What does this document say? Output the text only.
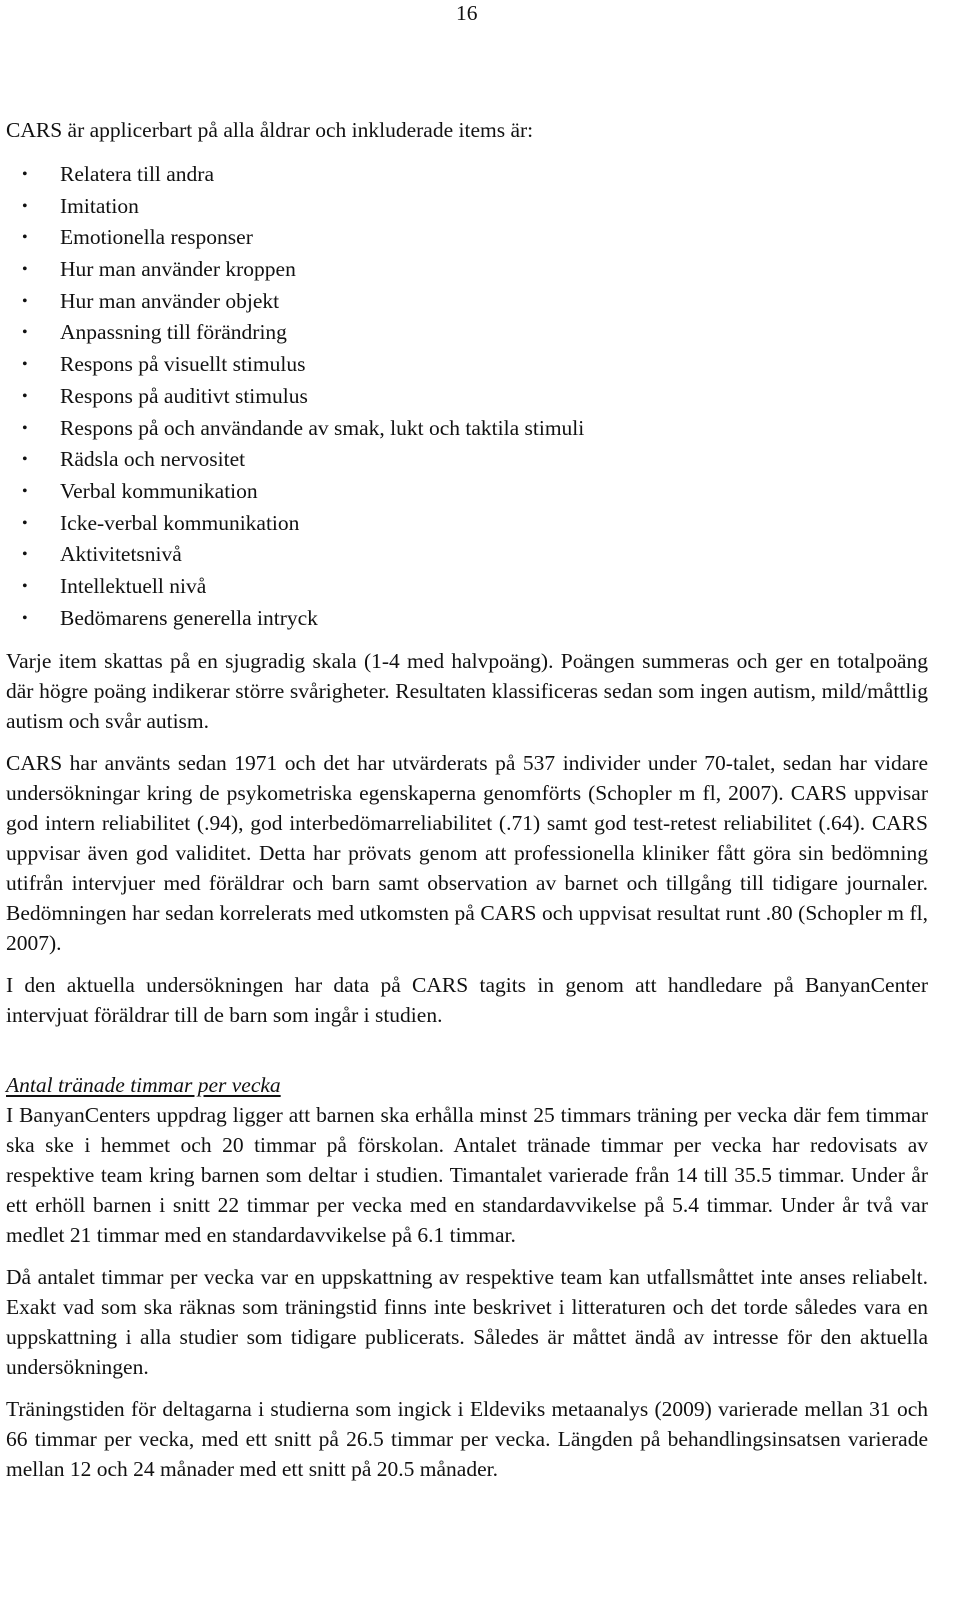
16

CARS är applicerbart på alla åldrar och inkluderade items är:

• Relatera till andra
• Imitation
• Emotionella responser
• Hur man använder kroppen
• Hur man använder objekt
• Anpassning till förändring
• Respons på visuellt stimulus
• Respons på auditivt stimulus
• Respons på och användande av smak, lukt och taktila stimuli
• Rädsla och nervositet
• Verbal kommunikation
• Icke-verbal kommunikation
• Aktivitetsnivå
• Intellektuell nivå
• Bedömarens generella intryck

Varje item skattas på en sjugradig skala (1-4 med halvpoäng). Poängen summeras och ger en totalpoäng där högre poäng indikerar större svårigheter. Resultaten klassificeras sedan som ingen autism, mild/måttlig autism och svår autism.

CARS har använts sedan 1971 och det har utvärderats på 537 individer under 70-talet, sedan har vidare undersökningar kring de psykometriska egenskaperna genomförts (Schopler m fl, 2007). CARS uppvisar god intern reliabilitet (.94), god interbedömarreliabilitet (.71) samt god test-retest reliabilitet (.64). CARS uppvisar även god validitet. Detta har prövats genom att professionella kliniker fått göra sin bedömning utifrån intervjuer med föräldrar och barn samt observation av barnet och tillgång till tidigare journaler. Bedömningen har sedan korrelerats med utkomsten på CARS och uppvisat resultat runt .80 (Schopler m fl, 2007).

I den aktuella undersökningen har data på CARS tagits in genom att handledare på BanyanCenter intervjuat föräldrar till de barn som ingår i studien.

Antal tränade timmar per vecka

I BanyanCenters uppdrag ligger att barnen ska erhålla minst 25 timmars träning per vecka där fem timmar ska ske i hemmet och 20 timmar på förskolan. Antalet tränade timmar per vecka har redovisats av respektive team kring barnen som deltar i studien. Timantalet varierade från 14 till 35.5 timmar. Under år ett erhöll barnen i snitt 22 timmar per vecka med en standardavvikelse på 5.4 timmar. Under år två var medlet 21 timmar med en standardavvikelse på 6.1 timmar.

Då antalet timmar per vecka var en uppskattning av respektive team kan utfallsmåttet inte anses reliabelt. Exakt vad som ska räknas som träningstid finns inte beskrivet i litteraturen och det torde således vara en uppskattning i alla studier som tidigare publicerats. Således är måttet ändå av intresse för den aktuella undersökningen.

Träningstiden för deltagarna i studierna som ingick i Eldeviks metaanalys (2009) varierade mellan 31 och 66 timmar per vecka, med ett snitt på 26.5 timmar per vecka. Längden på behandlingsinsatsen varierade mellan 12 och 24 månader med ett snitt på 20.5 månader.
